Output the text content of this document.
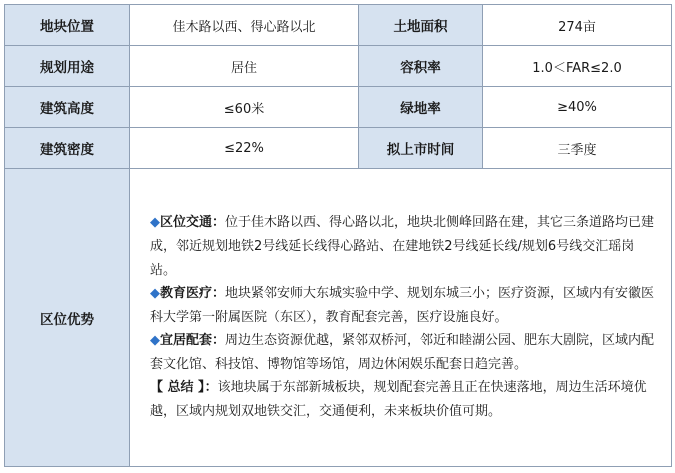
地块位置	佳木路以西、得心路以北	土地面积	274亩
规划用途	居住	容积率	1.0＜FAR≤2.0
建筑高度	≤60米	绿地率	≥40%
建筑密度	≤22%	拟上市时间	三季度
区位优势	◆区位交通：位于佳木路以西、得心路以北，地块北侧峰回路在建，其它三条道路均已建成，邻近规划地铁2号线延长线得心路站、在建地铁2号线延长线/规划6号线交汇瑶岗站。

◆教育医疗：地块紧邻安师大东城实验中学、规划东城三小；医疗资源，区域内有安徽医科大学第一附属医院（东区），教育配套完善，医疗设施良好。

◆宜居配套：周边生态资源优越，紧邻双桥河，邻近和睦湖公园、肥东大剧院，区域内配套文化馆、科技馆、博物馆等场馆，周边休闲娱乐配套日趋完善。

【 总结 】：该地块属于东部新城板块，规划配套完善且正在快速落地，周边生活环境优越，区域内规划双地铁交汇，交通便利，未来板块价值可期。		
